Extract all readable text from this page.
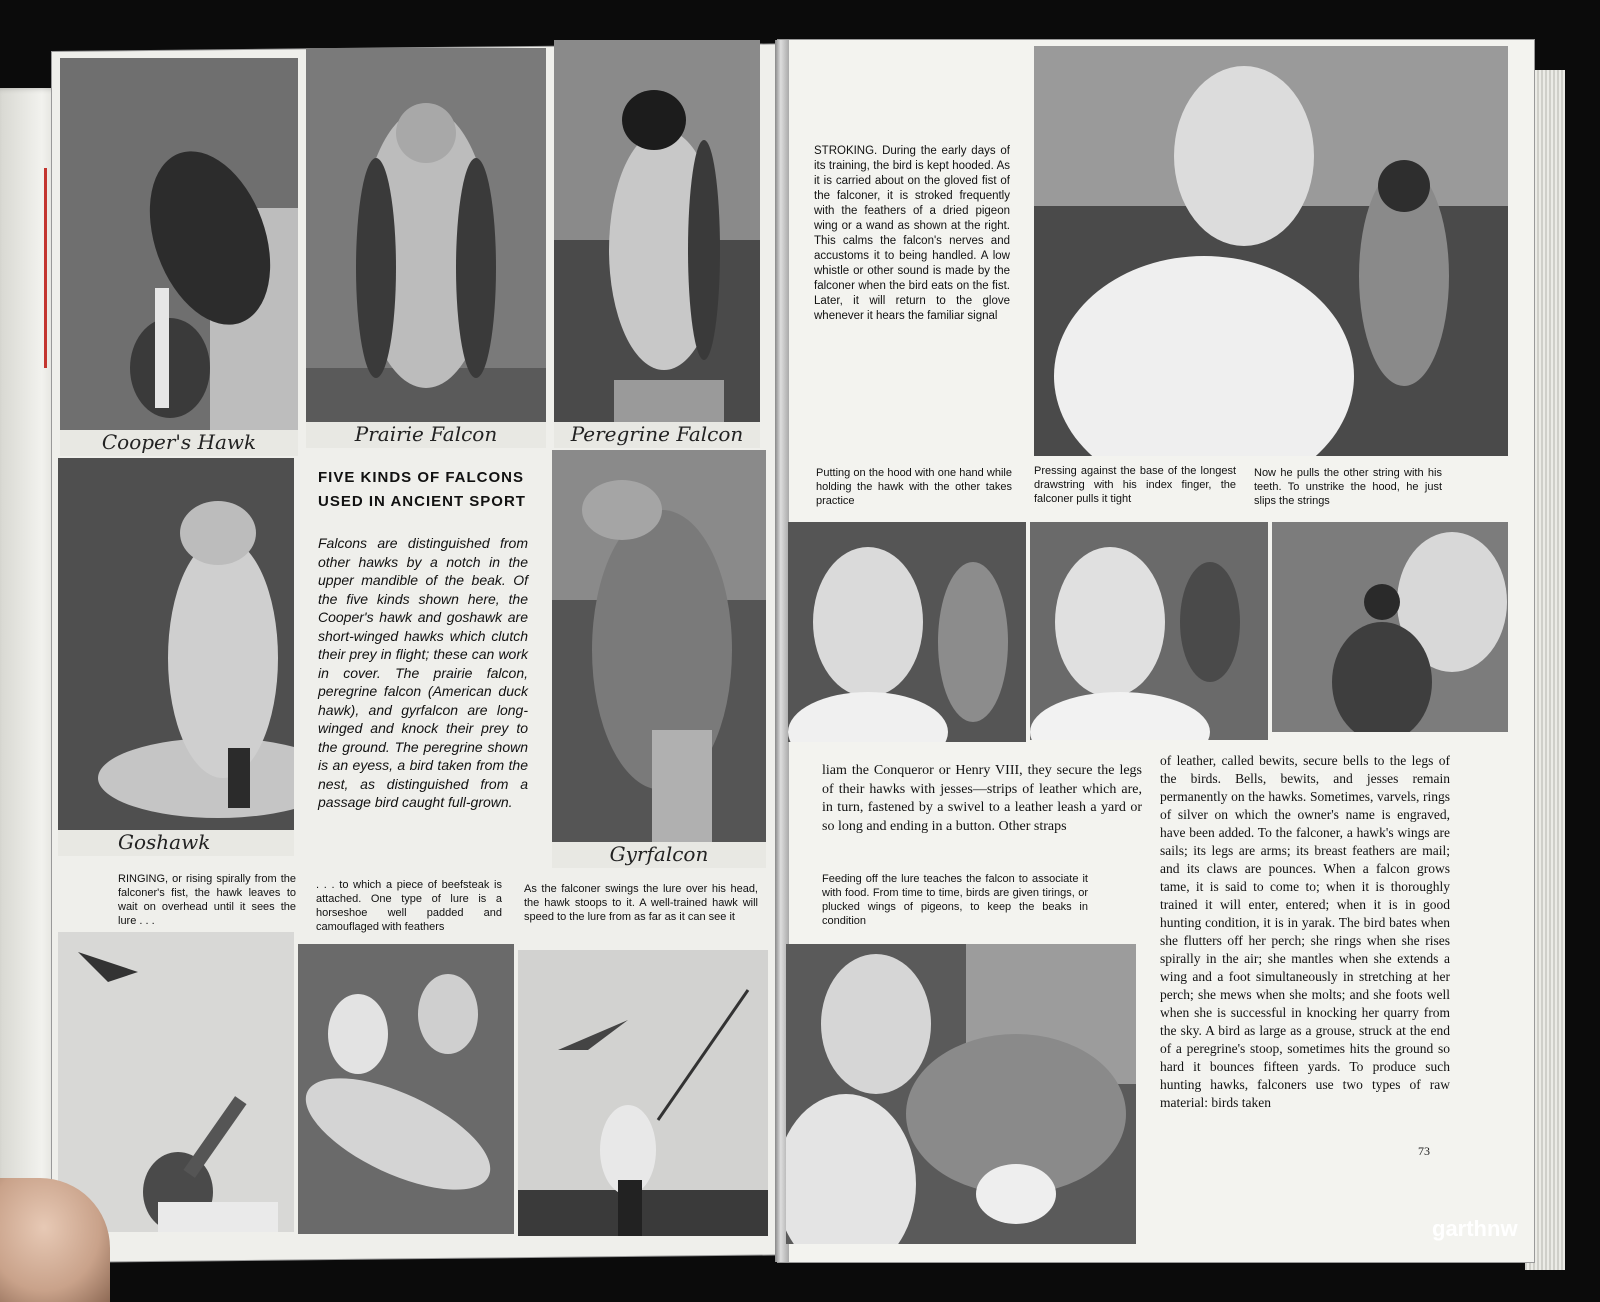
Cooper's Hawk	Prairie Falcon	Peregrine Falcon
Goshawk
FIVE KINDS OF FALCONS
USED IN ANCIENT SPORT
Falcons are distinguished from other hawks by a notch in the upper mandible of the beak. Of the five kinds shown here, the Cooper's hawk and goshawk are short-winged hawks which clutch their prey in flight; these can work in cover. The prairie falcon, peregrine falcon (American duck hawk), and gyrfalcon are long-winged and knock their prey to the ground. The peregrine shown is an eyess, a bird taken from the nest, as distinguished from a passage bird caught full-grown.
Gyrfalcon
RINGING, or rising spirally from the falconer's fist, the hawk leaves to wait on overhead until it sees the lure . . .
. . . to which a piece of beefsteak is attached. One type of lure is a horseshoe well padded and camouflaged with feathers
As the falconer swings the lure over his head, the hawk stoops to it. A well-trained hawk will speed to the lure from as far as it can see it
STROKING. During the early days of its training, the bird is kept hooded. As it is carried about on the gloved fist of the falconer, it is stroked frequently with the feathers of a dried pigeon wing or a wand as shown at the right. This calms the falcon's nerves and accustoms it to being handled. A low whistle or other sound is made by the falconer when the bird eats on the fist. Later, it will return to the glove whenever it hears the familiar signal
Putting on the hood with one hand while holding the hawk with the other takes practice
Pressing against the base of the longest drawstring with his index finger, the falconer pulls it tight
Now he pulls the other string with his teeth. To unstrike the hood, he just slips the strings
liam the Conqueror or Henry VIII, they secure the legs of their hawks with jesses—strips of leather which are, in turn, fastened by a swivel to a leather leash a yard or so long and ending in a button. Other straps
Feeding off the lure teaches the falcon to associate it with food. From time to time, birds are given tirings, or plucked wings of pigeons, to keep the beaks in condition
of leather, called bewits, secure bells to the legs of the birds. Bells, bewits, and jesses remain permanently on the hawks. Sometimes, varvels, rings of silver on which the owner's name is engraved, have been added. To the falconer, a hawk's wings are sails; its legs are arms; its breast feathers are mail; and its claws are pounces. When a falcon grows tame, it is said to come to; when it is thoroughly trained it will enter, entered; when it is in good hunting condition, it is in yarak. The bird bates when she flutters off her perch; she rings when she rises spirally in the air; she mantles when she extends a wing and a foot simultaneously in stretching at her perch; she mews when she molts; and she foots well when she is successful in knocking her quarry from the sky. A bird as large as a grouse, struck at the end of a peregrine's stoop, sometimes hits the ground so hard it bounces fifteen yards. To produce such hunting hawks, falconers use two types of raw material: birds taken
73
garthnw
